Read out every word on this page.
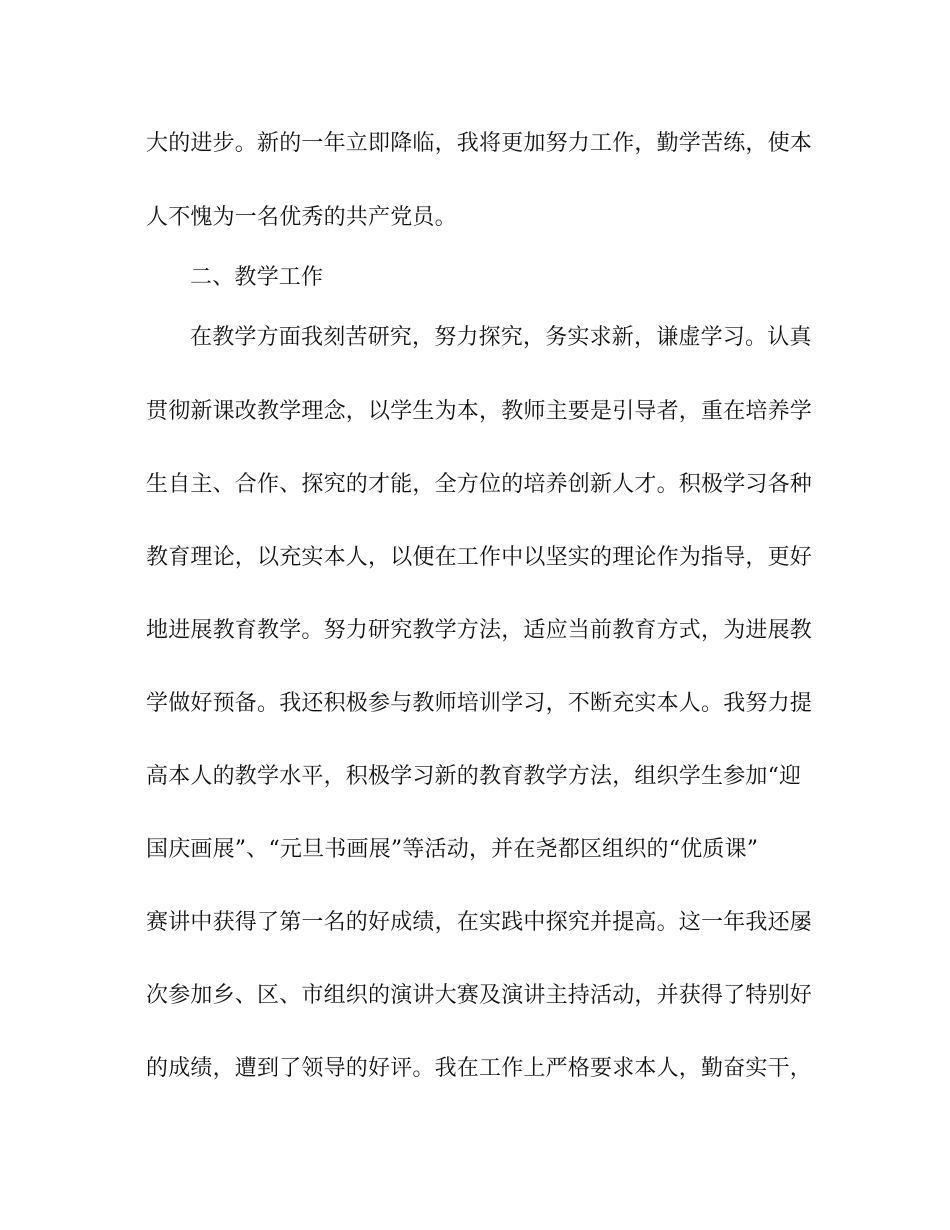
大的进步。新的一年立即降临，我将更加努力工作，勤学苦练，使本
人不愧为一名优秀的共产党员。
二、教学工作
在教学方面我刻苦研究，努力探究，务实求新，谦虚学习。认真
贯彻新课改教学理念，以学生为本，教师主要是引导者，重在培养学
生自主、合作、探究的才能，全方位的培养创新人才。积极学习各种
教育理论，以充实本人，以便在工作中以坚实的理论作为指导，更好
地进展教育教学。努力研究教学方法，适应当前教育方式，为进展教
学做好预备。我还积极参与教师培训学习，不断充实本人。我努力提
高本人的教学水平，积极学习新的教育教学方法，组织学生参加“迎
国庆画展”、“元旦书画展”等活动，并在尧都区组织的“优质课”
赛讲中获得了第一名的好成绩，在实践中探究并提高。这一年我还屡
次参加乡、区、市组织的演讲大赛及演讲主持活动，并获得了特别好
的成绩，遭到了领导的好评。我在工作上严格要求本人，勤奋实干，
